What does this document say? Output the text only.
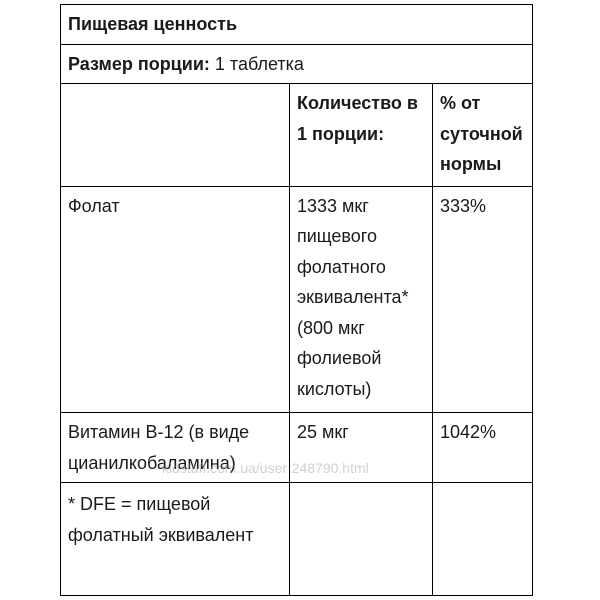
Пищевая ценность		
Размер порции: 1 таблетка		
	Количество в 1 порции:	% от суточной нормы
Фолат	1333 мкг пищевого фолатного эквивалента* (800 мкг фолиевой кислоты)	333%
Витамин В-12 (в виде цианилкобаламина)	25 мкг	1042%
* DFE = пищевой фолатный эквивалент		
kidstaff.com.ua/user-248790.html
